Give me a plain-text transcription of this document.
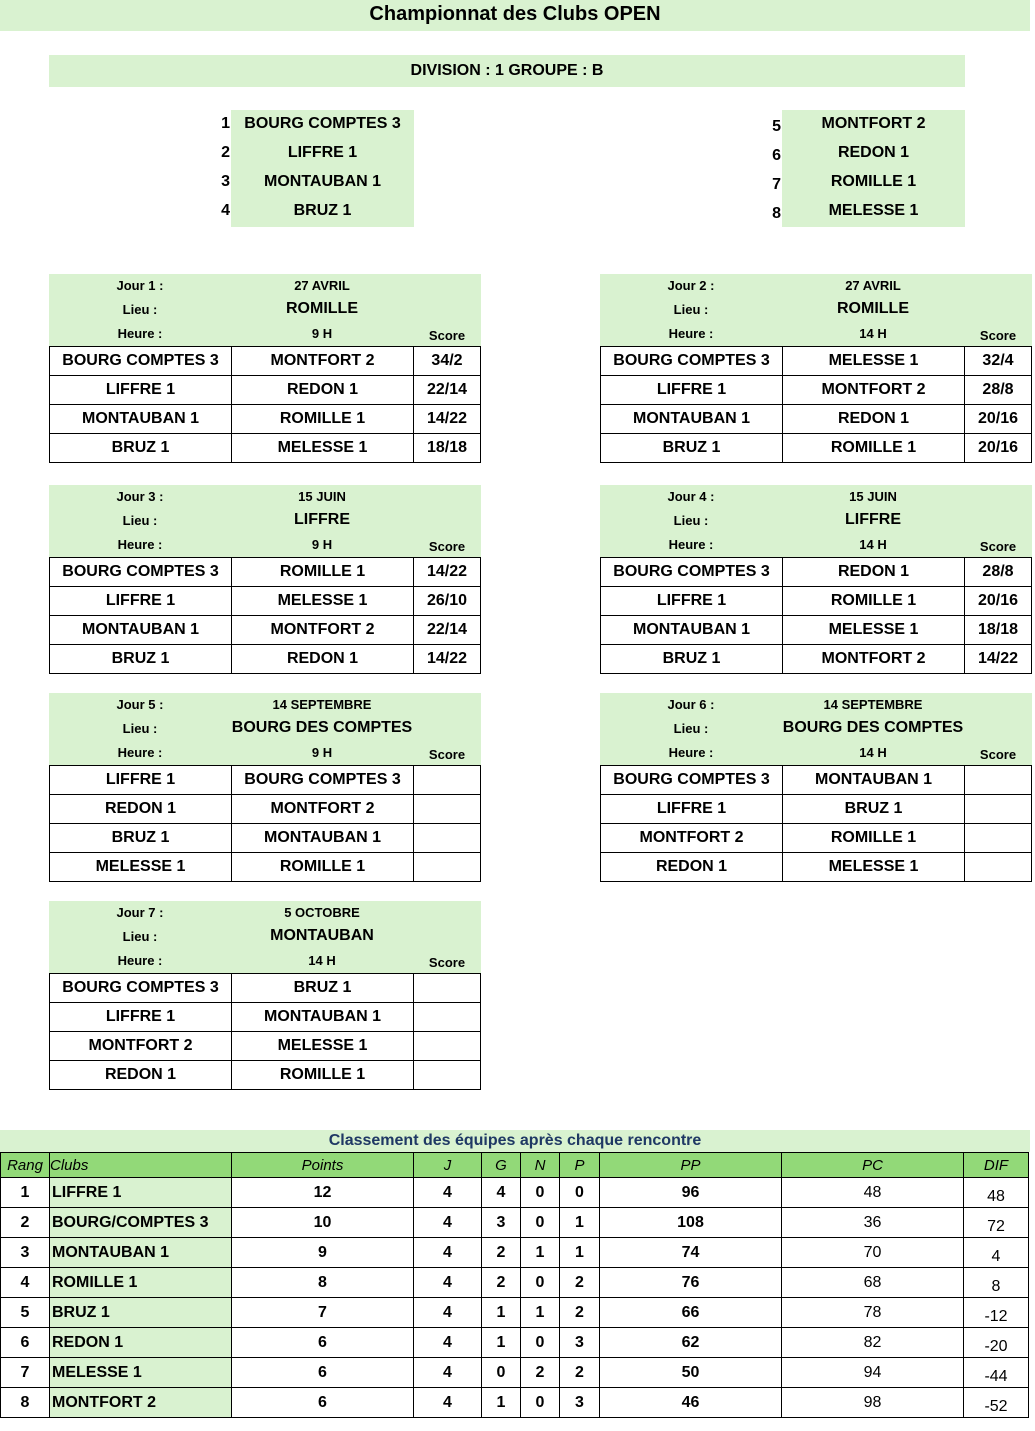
Championnat des Clubs OPEN
DIVISION : 1 GROUPE : B
1 BOURG COMPTES 3
2	LIFFRE 1
3	MONTAUBAN 1
4	BRUZ 1
5	MONTFORT 2
6	REDON 1
7	ROMILLE 1
8	MELESSE 1
Jour 1 :	27 AVRIL
Lieu :	ROMILLE
Heure :	9 H	Score
BOURG COMPTES 3	MONTFORT 2	34/2
LIFFRE 1	REDON 1	22/14
MONTAUBAN 1	ROMILLE 1	14/22
BRUZ 1	MELESSE 1	18/18
Jour 2 :	27 AVRIL
Lieu :	ROMILLE
Heure :	14 H	Score
BOURG COMPTES 3	MELESSE 1	32/4
LIFFRE 1	MONTFORT 2	28/8
MONTAUBAN 1	REDON 1	20/16
BRUZ 1	ROMILLE 1	20/16
Jour 3 :	15 JUIN
Lieu :	LIFFRE
Heure :	9 H	Score
BOURG COMPTES 3	ROMILLE 1	14/22
LIFFRE 1	MELESSE 1	26/10
MONTAUBAN 1	MONTFORT 2	22/14
BRUZ 1	REDON 1	14/22
Jour 4 :	15 JUIN
Lieu :	LIFFRE
Heure :	14 H	Score
BOURG COMPTES 3	REDON 1	28/8
LIFFRE 1	ROMILLE 1	20/16
MONTAUBAN 1	MELESSE 1	18/18
BRUZ 1	MONTFORT 2	14/22
Jour 5 :	14 SEPTEMBRE
Lieu :	BOURG DES COMPTES
Heure :	9 H	Score
LIFFRE 1	BOURG COMPTES 3	
REDON 1	MONTFORT 2	
BRUZ 1	MONTAUBAN 1	
MELESSE 1	ROMILLE 1	
Jour 6 :	14 SEPTEMBRE
Lieu :	BOURG DES COMPTES
Heure :	14 H	Score
BOURG COMPTES 3	MONTAUBAN 1	
LIFFRE 1	BRUZ 1	
MONTFORT 2	ROMILLE 1	
REDON 1	MELESSE 1	
Jour 7 :	5 OCTOBRE
Lieu :	MONTAUBAN
Heure :	14 H	Score
BOURG COMPTES 3	BRUZ 1	
LIFFRE 1	MONTAUBAN 1	
MONTFORT 2	MELESSE 1	
REDON 1	ROMILLE 1	
Classement des équipes après chaque rencontre
Rang	Clubs	Points	J	G	N	P	PP	PC	DIF
1	LIFFRE 1	12	4	4	0	0	96	48	48
2	BOURG/COMPTES 3	10	4	3	0	1	108	36	72
3	MONTAUBAN 1	9	4	2	1	1	74	70	4
4	ROMILLE 1	8	4	2	0	2	76	68	8
5	BRUZ 1	7	4	1	1	2	66	78	-12
6	REDON 1	6	4	1	0	3	62	82	-20
7	MELESSE 1	6	4	0	2	2	50	94	-44
8	MONTFORT 2	6	4	1	0	3	46	98	-52
